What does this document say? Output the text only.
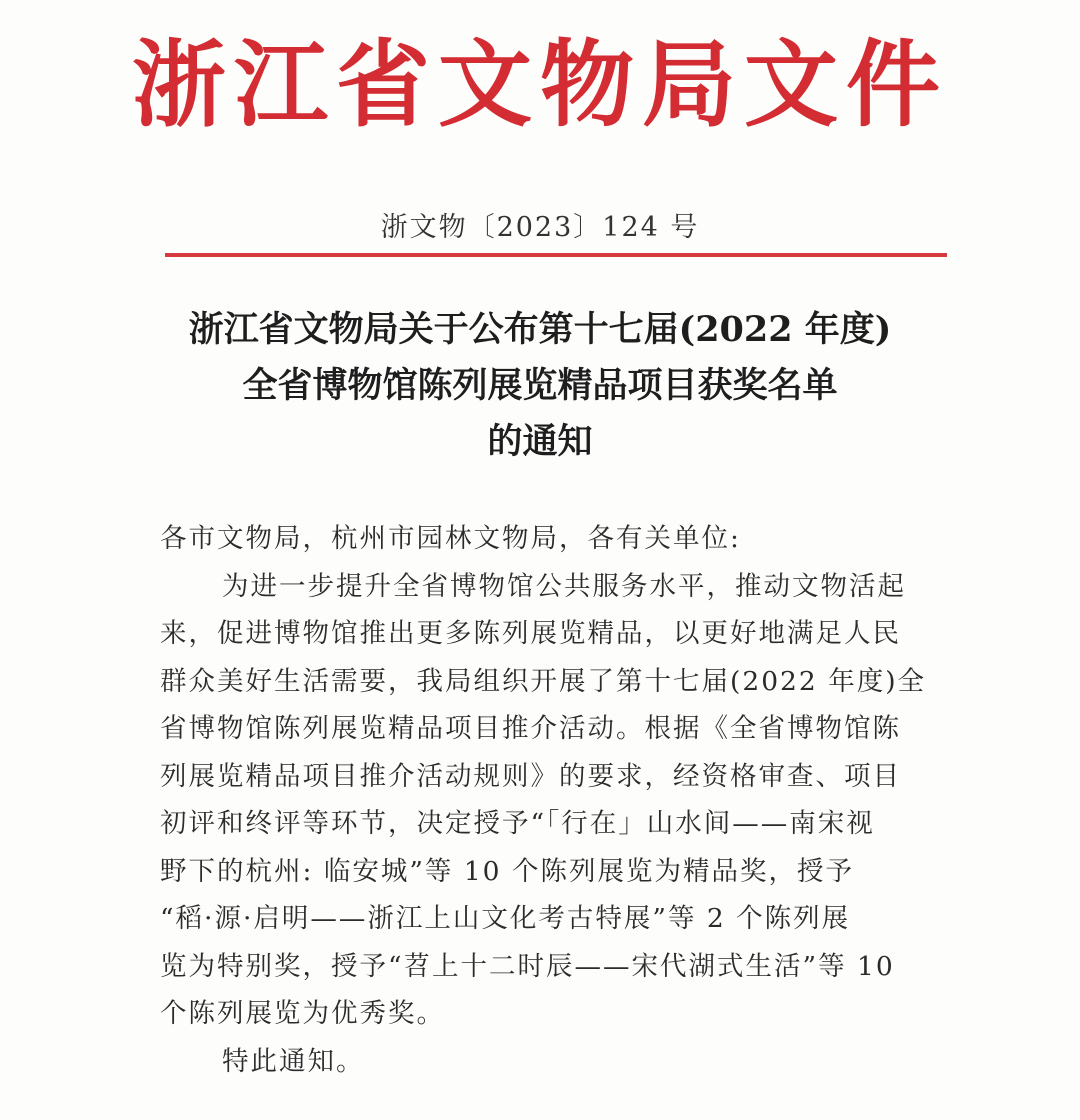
浙江省文物局文件
浙文物〔2023〕124 号
浙江省文物局关于公布第十七届(2022 年度)
全省博物馆陈列展览精品项目获奖名单
的通知
各市文物局，杭州市园林文物局，各有关单位:
为进一步提升全省博物馆公共服务水平，推动文物活起
来，促进博物馆推出更多陈列展览精品，以更好地满足人民
群众美好生活需要，我局组织开展了第十七届(2022 年度)全
省博物馆陈列展览精品项目推介活动。根据《全省博物馆陈
列展览精品项目推介活动规则》的要求，经资格审查、项目
初评和终评等环节，决定授予“「行在」山水间——南宋视
野下的杭州: 临安城”等 10 个陈列展览为精品奖，授予
“稻·源·启明——浙江上山文化考古特展”等 2 个陈列展
览为特别奖，授予“苕上十二时辰——宋代湖式生活”等 10
个陈列展览为优秀奖。
特此通知。
